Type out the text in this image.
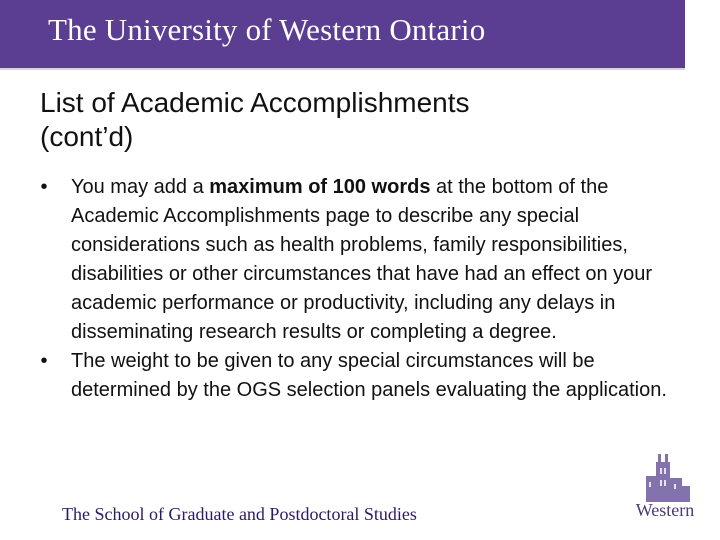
The University of Western Ontario
List of Academic Accomplishments
(cont’d)
•	You may add a maximum of 100 words at the bottom of the Academic Accomplishments page to describe any special considerations such as health problems, family responsibilities, disabilities or other circumstances that have had an effect on your academic performance or productivity, including any delays in disseminating research results or completing a degree.
•	The weight to be given to any special circumstances will be determined by the OGS selection panels evaluating the application.
The School of Graduate and Postdoctoral Studies	Western
